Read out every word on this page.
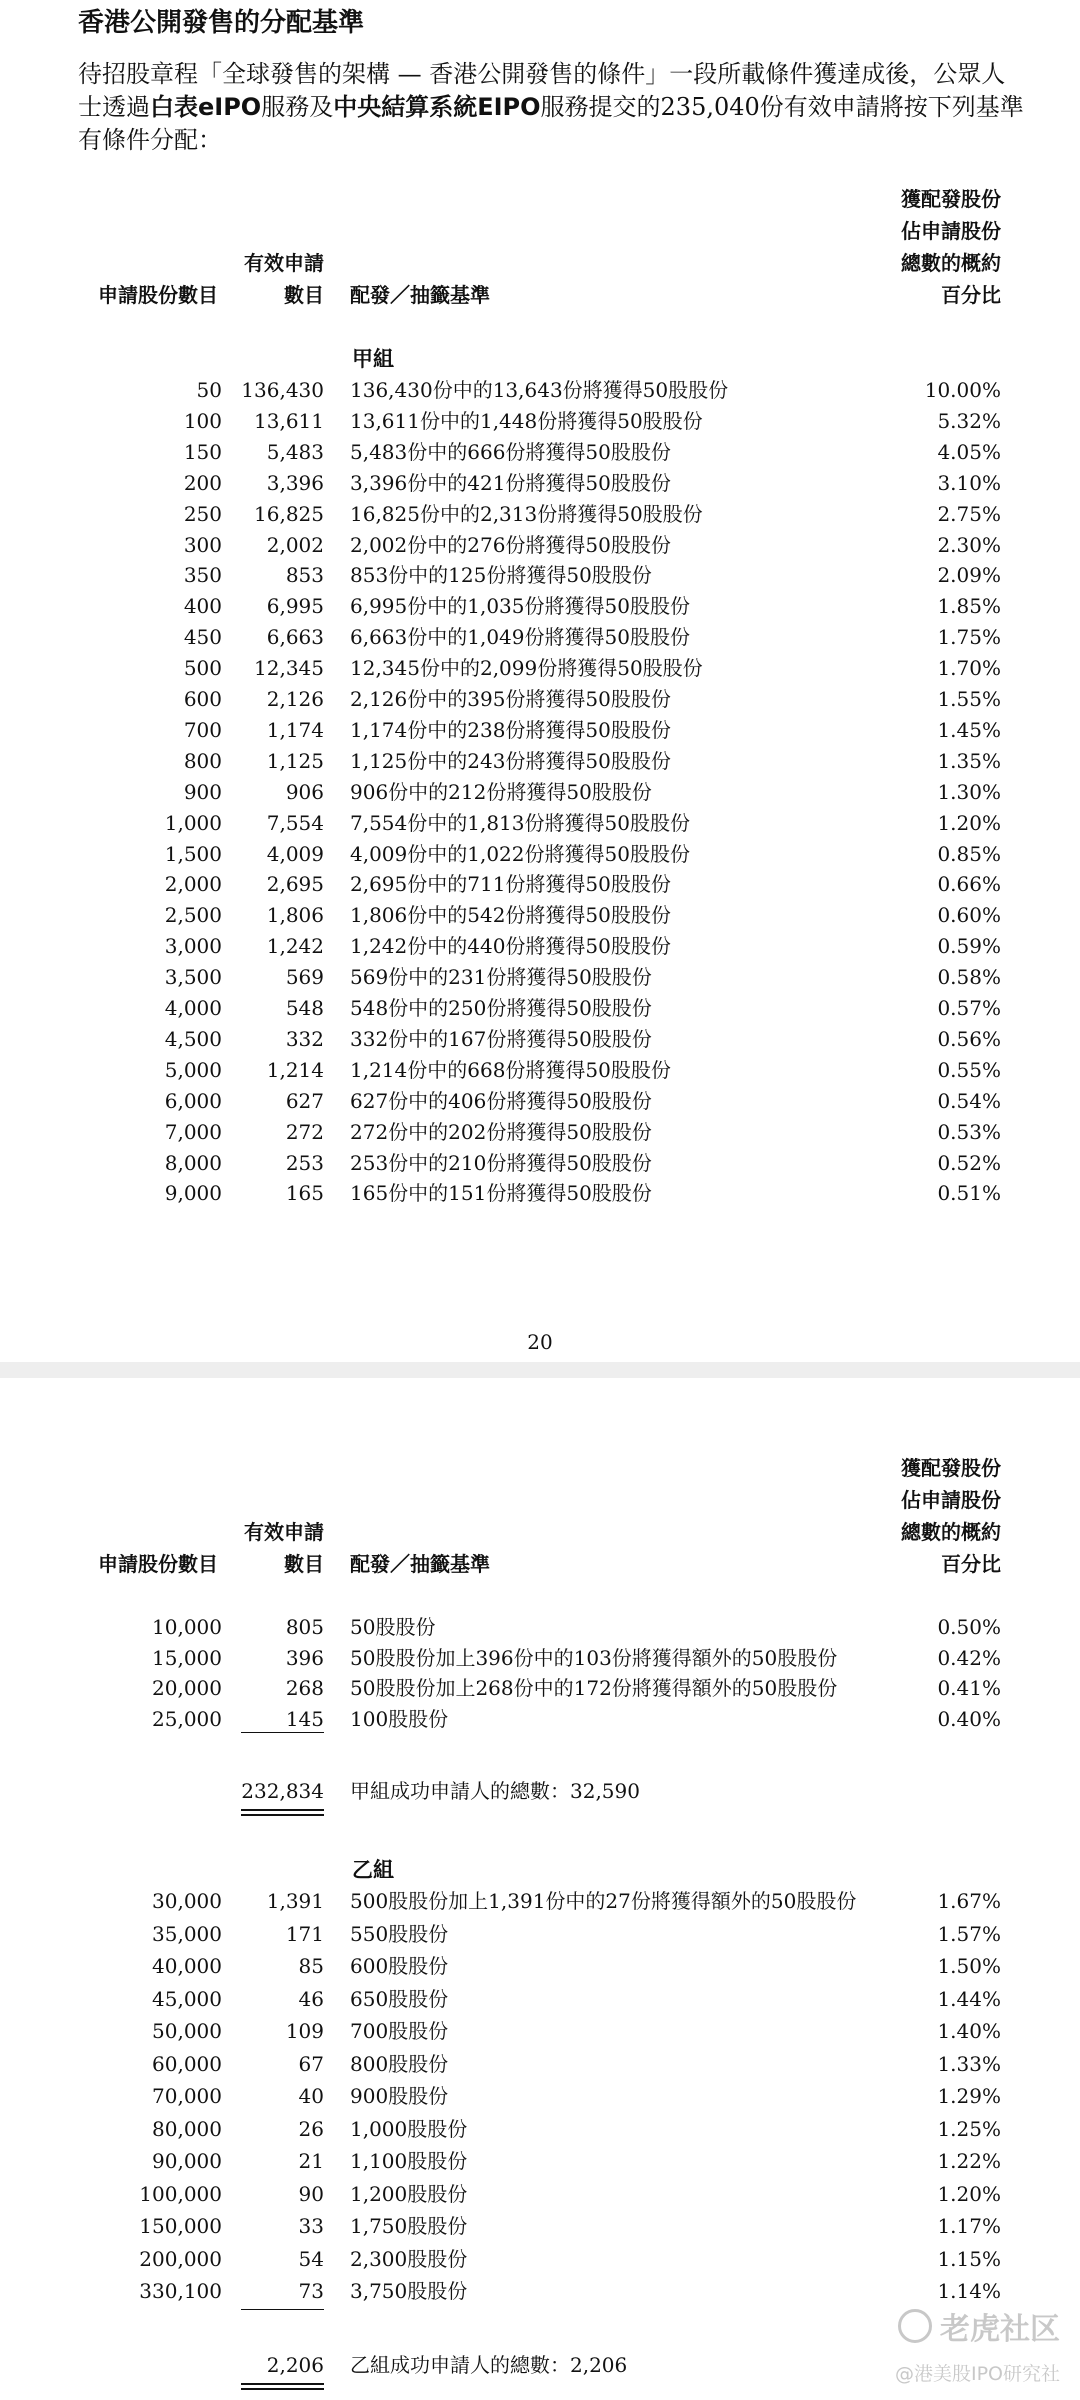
香港公開發售的分配基準
待招股章程「全球發售的架構 — 香港公開發售的條件」一段所載條件獲達成後，公眾人士透過白表eIPO服務及中央結算系統EIPO服務提交的235,040份有效申請將按下列基準有條件分配：
申請股份數目
有效申請
數目 配發／抽籤基準
獲配發股份
佔申請股份
總數的概約
百分比
甲組
50 136,430 136,430份中的13,643份將獲得50股股份	10.00%
100 13,611 13,611份中的1,448份將獲得50股股份	5.32%
150 5,483 5,483份中的666份將獲得50股股份	4.05%
200 3,396 3,396份中的421份將獲得50股股份	3.10%
250 16,825 16,825份中的2,313份將獲得50股股份	2.75%
300 2,002 2,002份中的276份將獲得50股股份	2.30%
350	853 853份中的125份將獲得50股股份	2.09%
400 6,995 6,995份中的1,035份將獲得50股股份	1.85%
450 6,663 6,663份中的1,049份將獲得50股股份	1.75%
500 12,345 12,345份中的2,099份將獲得50股股份	1.70%
600 2,126 2,126份中的395份將獲得50股股份	1.55%
700 1,174 1,174份中的238份將獲得50股股份	1.45%
800 1,125 1,125份中的243份將獲得50股股份	1.35%
900	906 906份中的212份將獲得50股股份	1.30%
1,000 7,554 7,554份中的1,813份將獲得50股股份	1.20%
1,500 4,009 4,009份中的1,022份將獲得50股股份	0.85%
2,000 2,695 2,695份中的711份將獲得50股股份	0.66%
2,500 1,806 1,806份中的542份將獲得50股股份	0.60%
3,000 1,242 1,242份中的440份將獲得50股股份	0.59%
3,500	569 569份中的231份將獲得50股股份	0.58%
4,000	548 548份中的250份將獲得50股股份	0.57%
4,500	332 332份中的167份將獲得50股股份	0.56%
5,000 1,214 1,214份中的668份將獲得50股股份	0.55%
6,000	627 627份中的406份將獲得50股股份	0.54%
7,000	272 272份中的202份將獲得50股股份	0.53%
8,000	253 253份中的210份將獲得50股股份	0.52%
9,000	165 165份中的151份將獲得50股股份	0.51%
20
申請股份數目
有效申請
數目 配發／抽籤基準
獲配發股份
佔申請股份
總數的概約
百分比
10,000	805 50股股份	0.50%
15,000	396 50股股份加上396份中的103份將獲得額外的50股股份	0.42%
20,000	268 50股股份加上268份中的172份將獲得額外的50股股份	0.41%
25,000	145 100股股份	0.40%
232,834 甲組成功申請人的總數：32,590
乙組
30,000 1,391 500股股份加上1,391份中的27份將獲得額外的50股股份	1.67%
35,000	171 550股股份	1.57%
40,000	85 600股股份	1.50%
45,000	46 650股股份	1.44%
50,000	109 700股股份	1.40%
60,000	67 800股股份	1.33%
70,000	40 900股股份	1.29%
80,000	26 1,000股股份	1.25%
90,000	21 1,100股股份	1.22%
100,000	90 1,200股股份	1.20%
150,000	33 1,750股股份	1.17%
200,000	54 2,300股股份	1.15%
330,100	73 3,750股股份	1.14%
2,206 乙組成功申請人的總數：2,206
老虎社区
@港美股IPO研究社
